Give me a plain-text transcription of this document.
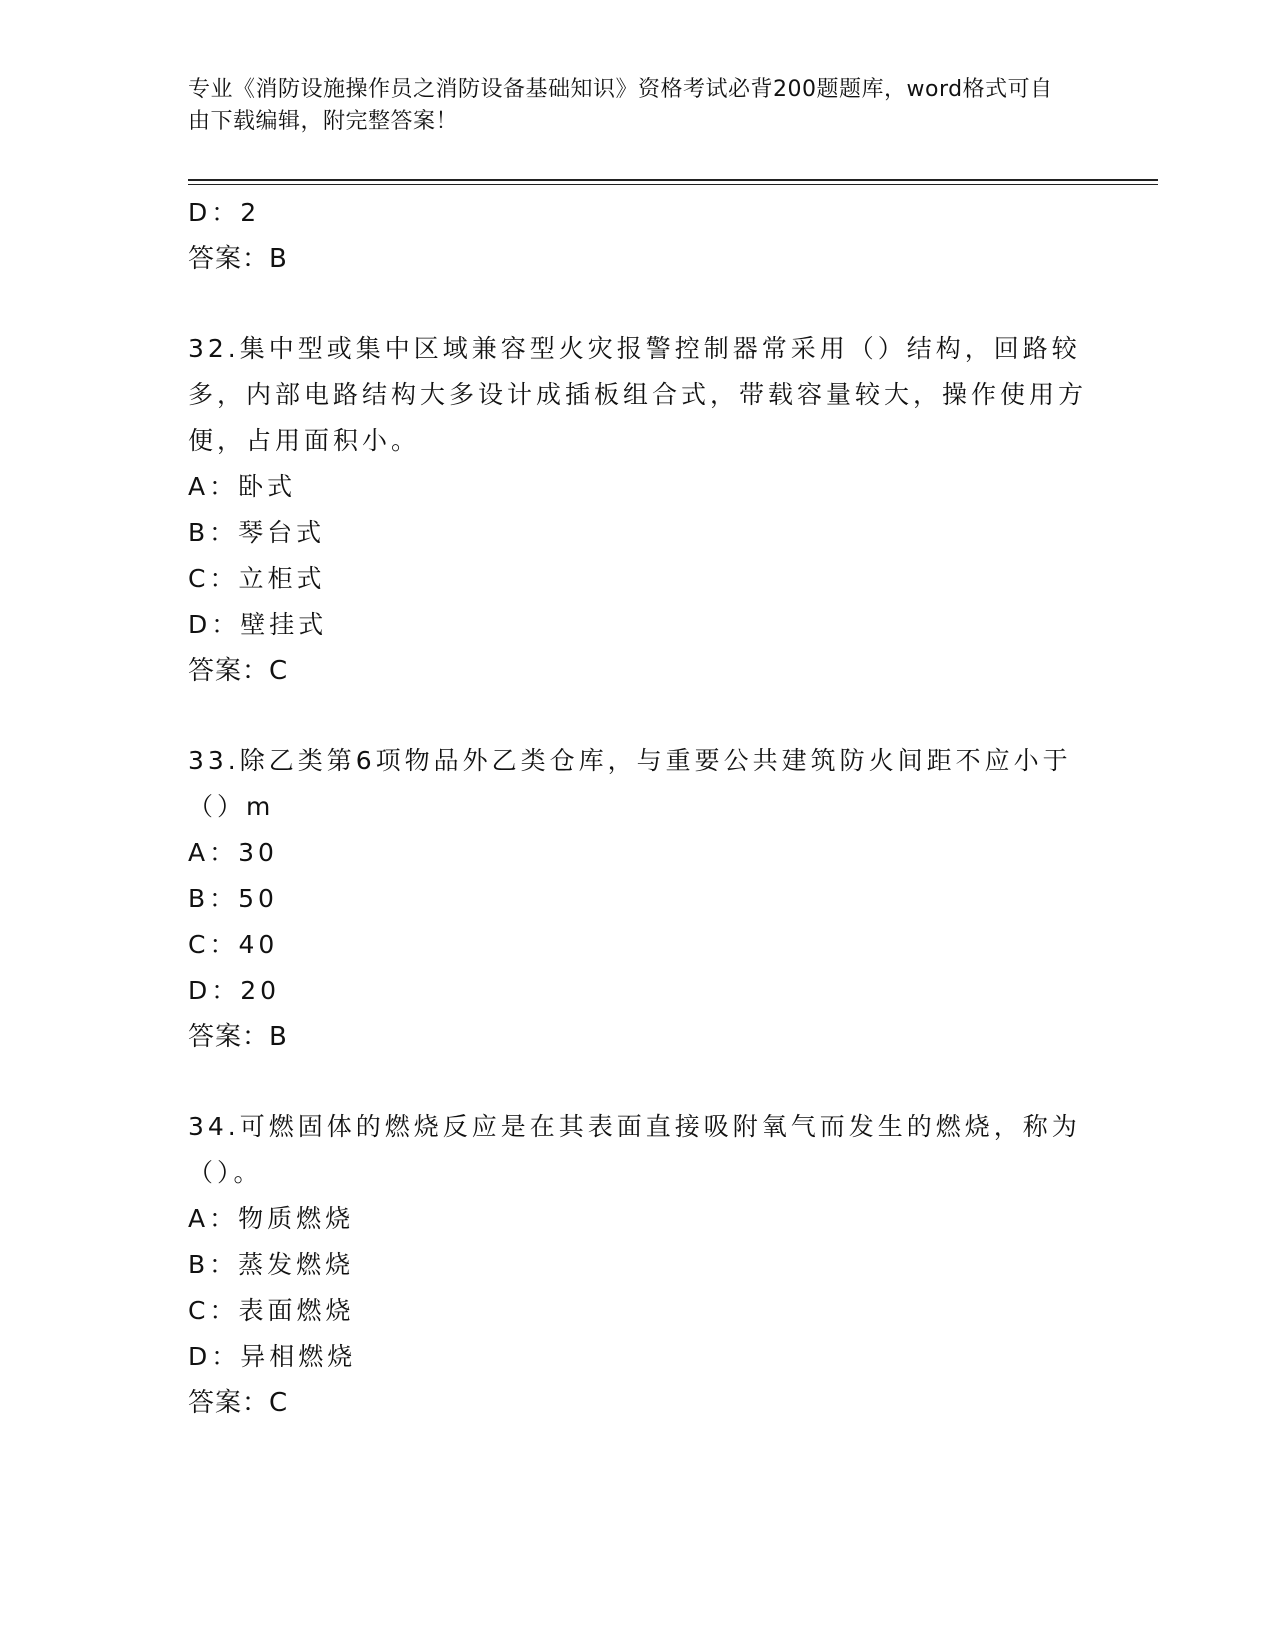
专业《消防设施操作员之消防设备基础知识》资格考试必背200题题库，word格式可自由下载编辑，附完整答案！
D：2
答案：B
32.集中型或集中区域兼容型火灾报警控制器常采用（）结构，回路较多，内部电路结构大多设计成插板组合式，带载容量较大，操作使用方便，占用面积小。
A：卧式
B：琴台式
C：立柜式
D：壁挂式
答案：C
33.除乙类第6项物品外乙类仓库，与重要公共建筑防火间距不应小于（）m
A：30
B：50
C：40
D：20
答案：B
34.可燃固体的燃烧反应是在其表面直接吸附氧气而发生的燃烧，称为（）。
A：物质燃烧
B：蒸发燃烧
C：表面燃烧
D：异相燃烧
答案：C
